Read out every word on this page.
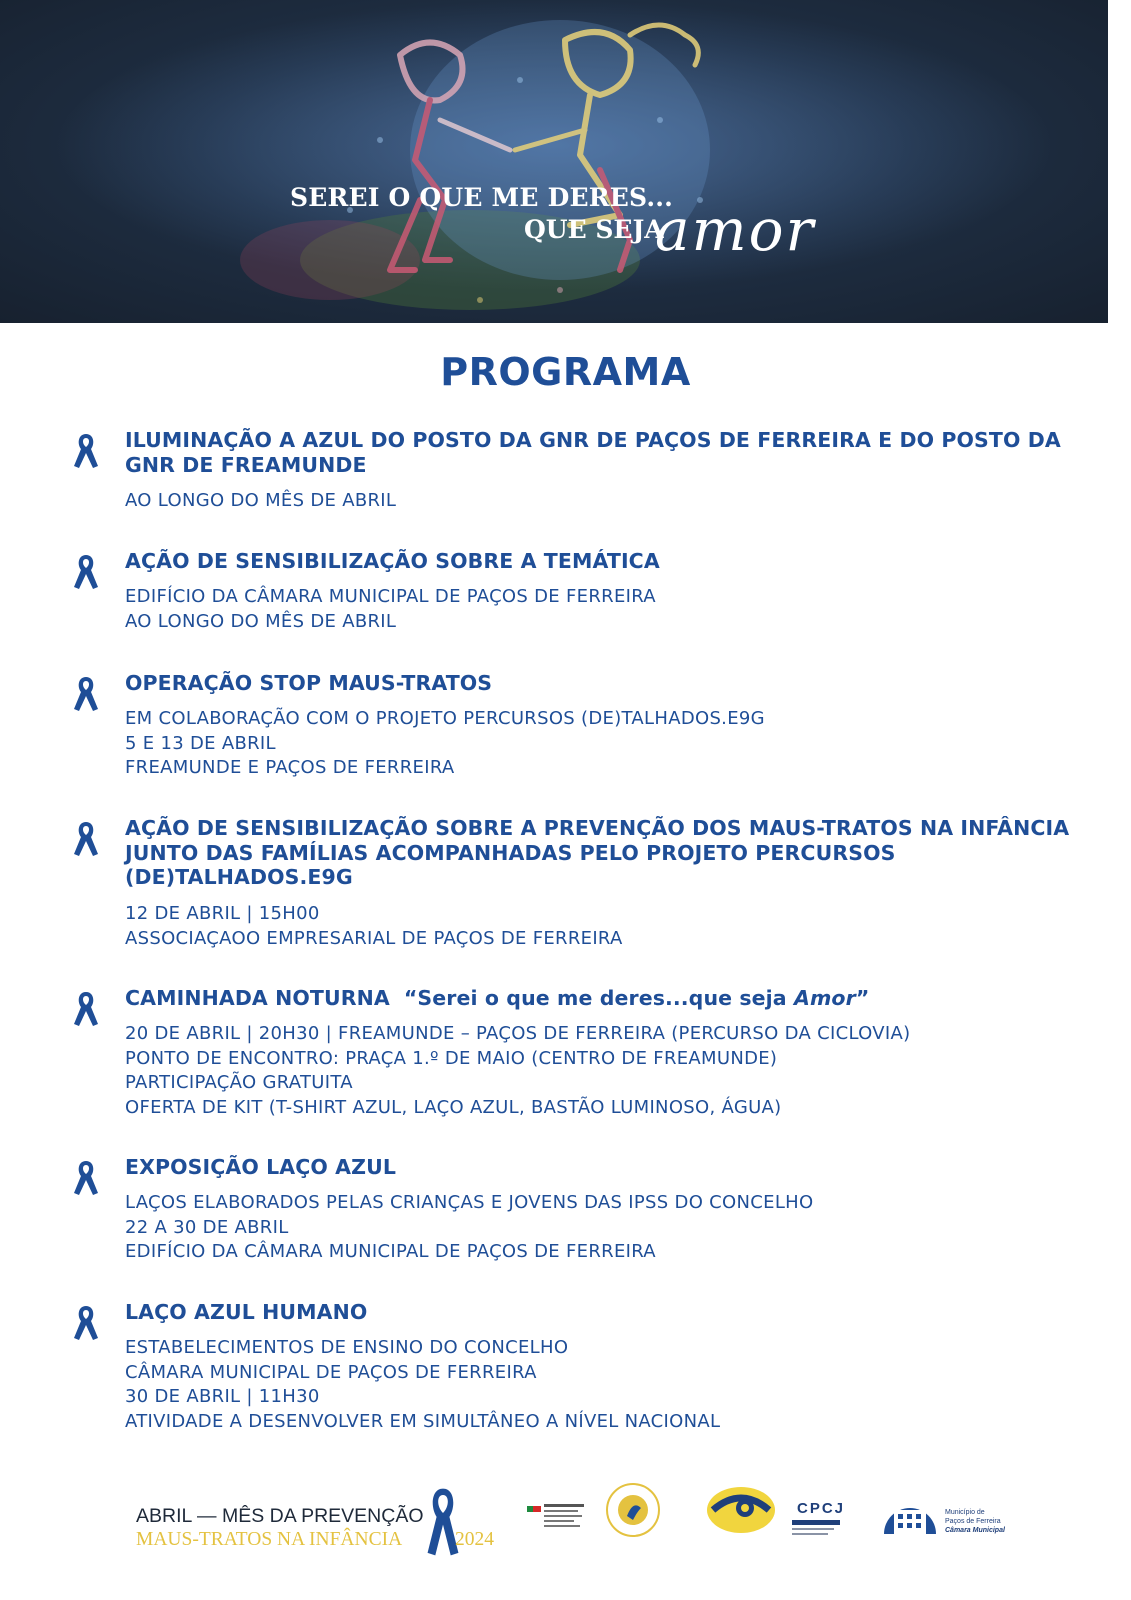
SEREI O QUE ME DERES...
QUE SEJA
amor
PROGRAMA
ILUMINAÇÃO A AZUL DO POSTO DA GNR DE PAÇOS DE FERREIRA E DO POSTO DA GNR DE FREAMUNDE
AO LONGO DO MÊS DE ABRIL
AÇÃO DE SENSIBILIZAÇÃO SOBRE A TEMÁTICA
EDIFÍCIO DA CÂMARA MUNICIPAL DE PAÇOS DE FERREIRA
AO LONGO DO MÊS DE ABRIL
OPERAÇÃO STOP MAUS-TRATOS
EM COLABORAÇÃO COM O PROJETO PERCURSOS (DE)TALHADOS.E9G
5 E 13 DE ABRIL
FREAMUNDE E PAÇOS DE FERREIRA
AÇÃO DE SENSIBILIZAÇÃO SOBRE A PREVENÇÃO DOS MAUS-TRATOS NA INFÂNCIA JUNTO DAS FAMÍLIAS ACOMPANHADAS PELO PROJETO PERCURSOS (DE)TALHADOS.E9G
12 DE ABRIL | 15H00
ASSOCIAÇAOO EMPRESARIAL DE PAÇOS DE FERREIRA
CAMINHADA NOTURNA “Serei o que me deres...que seja Amor”
20 DE ABRIL | 20H30 | FREAMUNDE – PAÇOS DE FERREIRA (PERCURSO DA CICLOVIA)
PONTO DE ENCONTRO: PRAÇA 1.º DE MAIO (CENTRO DE FREAMUNDE)
PARTICIPAÇÃO GRATUITA
OFERTA DE KIT (T-SHIRT AZUL, LAÇO AZUL, BASTÃO LUMINOSO, ÁGUA)
EXPOSIÇÃO LAÇO AZUL
LAÇOS ELABORADOS PELAS CRIANÇAS E JOVENS DAS IPSS DO CONCELHO
22 A 30 DE ABRIL
EDIFÍCIO DA CÂMARA MUNICIPAL DE PAÇOS DE FERREIRA
LAÇO AZUL HUMANO
ESTABELECIMENTOS DE ENSINO DO CONCELHO
CÂMARA MUNICIPAL DE PAÇOS DE FERREIRA
30 DE ABRIL | 11H30
ATIVIDADE A DESENVOLVER EM SIMULTÂNEO A NÍVEL NACIONAL
ABRIL — MÊS DA PREVENÇÃO
MAUS-TRATOS NA INFÂNCIA	2024
CPCJ	Município de
Paços de Ferreira
Câmara Municipal
